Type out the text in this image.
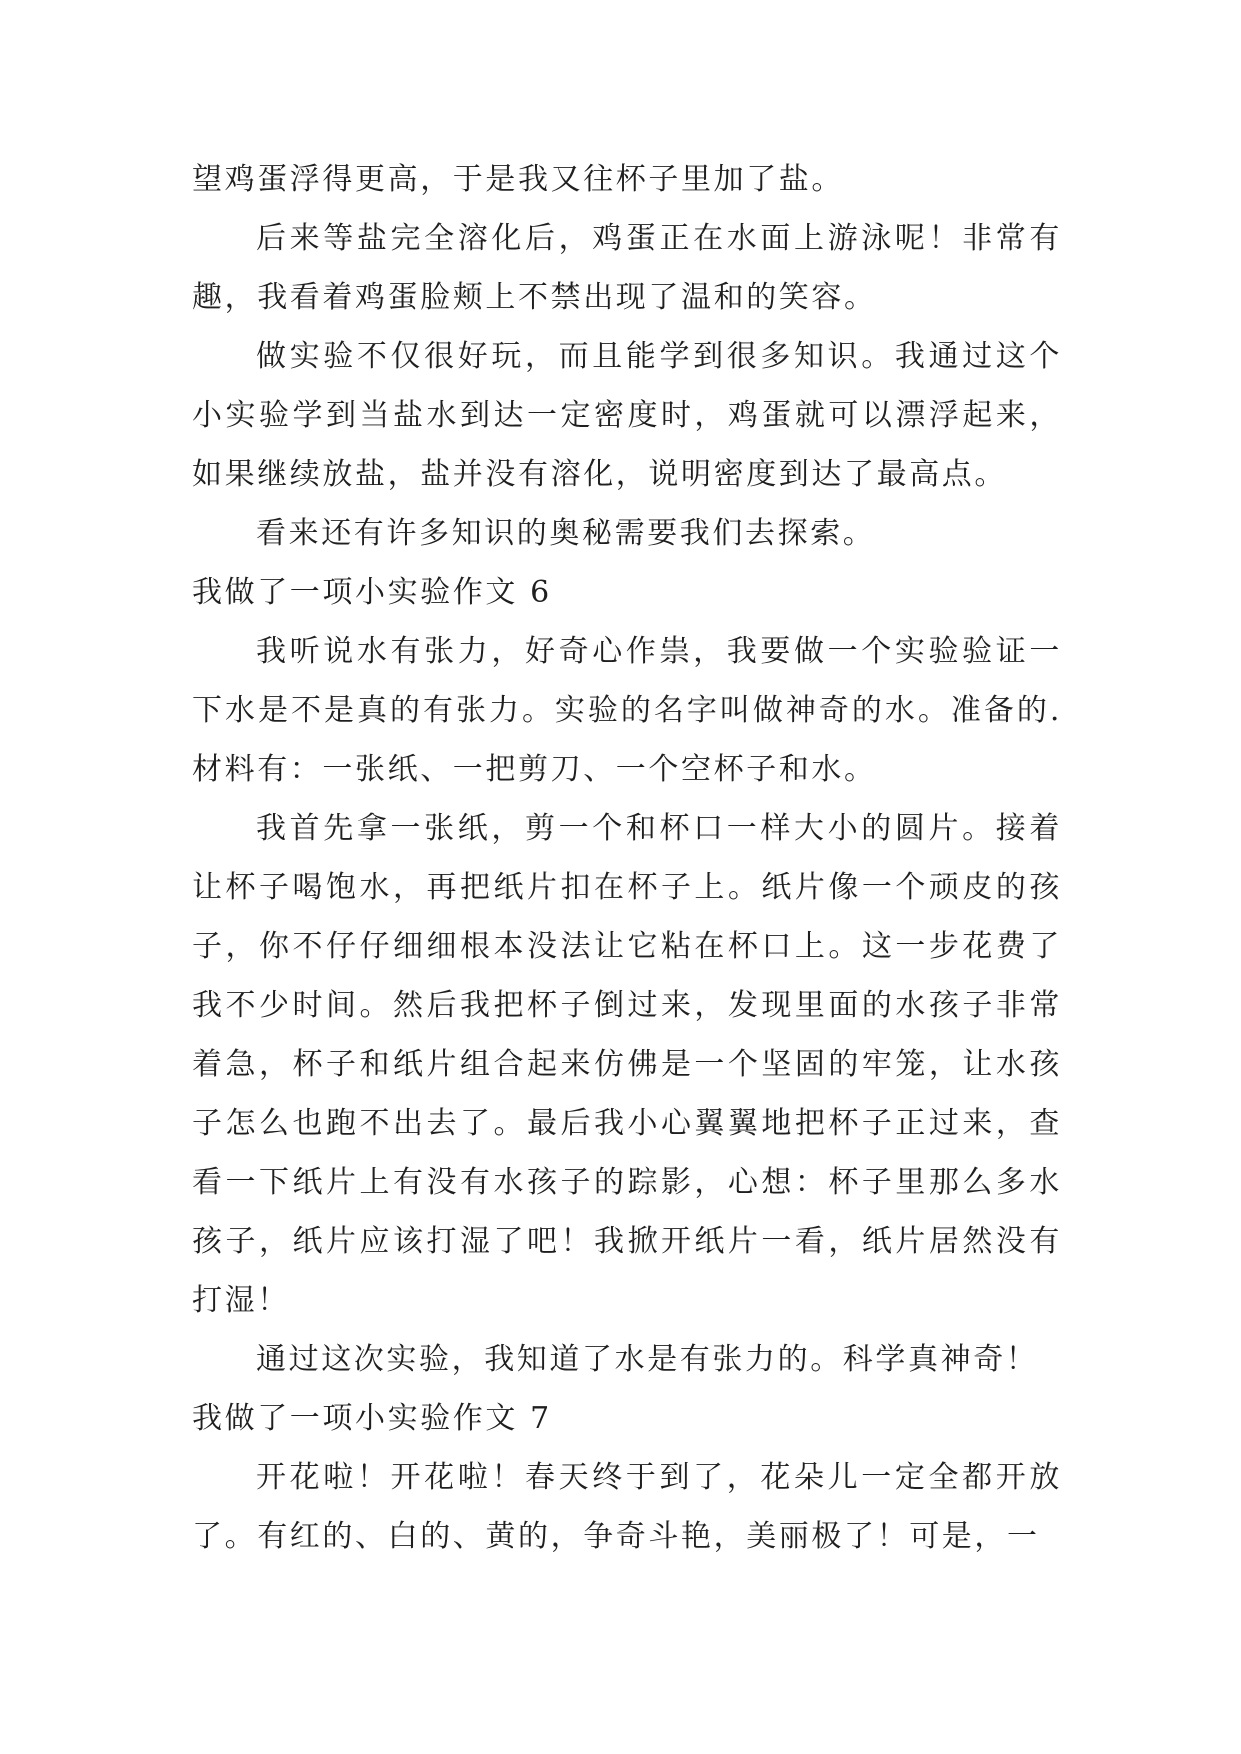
望鸡蛋浮得更高，于是我又往杯子里加了盐。

后来等盐完全溶化后，鸡蛋正在水面上游泳呢！非常有趣，我看着鸡蛋脸颊上不禁出现了温和的笑容。

做实验不仅很好玩，而且能学到很多知识。我通过这个小实验学到当盐水到达一定密度时，鸡蛋就可以漂浮起来，如果继续放盐，盐并没有溶化，说明密度到达了最高点。

看来还有许多知识的奥秘需要我们去探索。

我做了一项小实验作文 6

我听说水有张力，好奇心作祟，我要做一个实验验证一下水是不是真的有张力。实验的名字叫做神奇的水。准备的.材料有：一张纸、一把剪刀、一个空杯子和水。

我首先拿一张纸，剪一个和杯口一样大小的圆片。接着让杯子喝饱水，再把纸片扣在杯子上。纸片像一个顽皮的孩子，你不仔仔细细根本没法让它粘在杯口上。这一步花费了我不少时间。然后我把杯子倒过来，发现里面的水孩子非常着急，杯子和纸片组合起来仿佛是一个坚固的牢笼，让水孩子怎么也跑不出去了。最后我小心翼翼地把杯子正过来，查看一下纸片上有没有水孩子的踪影，心想：杯子里那么多水孩子，纸片应该打湿了吧！我掀开纸片一看，纸片居然没有打湿！

通过这次实验，我知道了水是有张力的。科学真神奇！

我做了一项小实验作文 7

开花啦！开花啦！春天终于到了，花朵儿一定全都开放了。有红的、白的、黄的，争奇斗艳，美丽极了！可是，一
